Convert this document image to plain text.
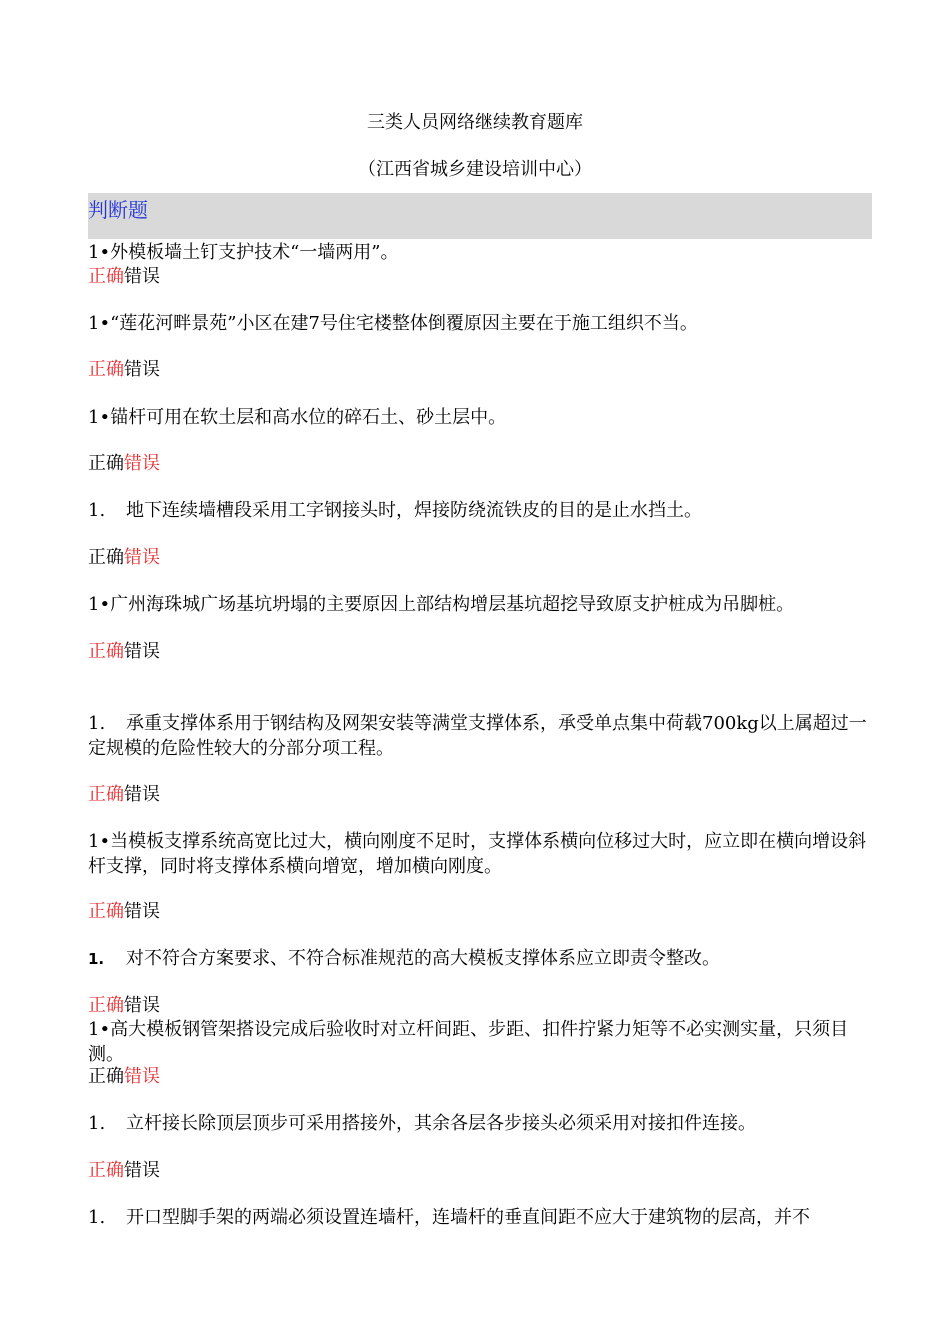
三类人员网络继续教育题库
（江西省城乡建设培训中心）
判断题
1•外模板墙土钉支护技术“一墙两用”。
正确错误
1•“莲花河畔景苑”小区在建7号住宅楼整体倒覆原因主要在于施工组织不当。
正确错误
1•锚杆可用在软土层和高水位的碎石土、砂土层中。
正确错误
1. 地下连续墙槽段采用工字钢接头时，焊接防绕流铁皮的目的是止水挡土。
正确错误
1•广州海珠城广场基坑坍塌的主要原因上部结构增层基坑超挖导致原支护桩成为吊脚桩。
正确错误
1. 承重支撑体系用于钢结构及网架安装等满堂支撑体系，承受单点集中荷载700kg以上属超过一定规模的危险性较大的分部分项工程。
正确错误
1•当模板支撑系统高宽比过大，横向刚度不足时，支撑体系横向位移过大时，应立即在横向增设斜杆支撑，同时将支撑体系横向增宽，增加横向刚度。
正确错误
1. 对不符合方案要求、不符合标准规范的高大模板支撑体系应立即责令整改。
正确错误
1•高大模板钢管架搭设完成后验收时对立杆间距、步距、扣件拧紧力矩等不必实测实量，只须目测。
正确错误
1. 立杆接长除顶层顶步可采用搭接外，其余各层各步接头必须采用对接扣件连接。
正确错误
1. 开口型脚手架的两端必须设置连墙杆，连墙杆的垂直间距不应大于建筑物的层高，并不
